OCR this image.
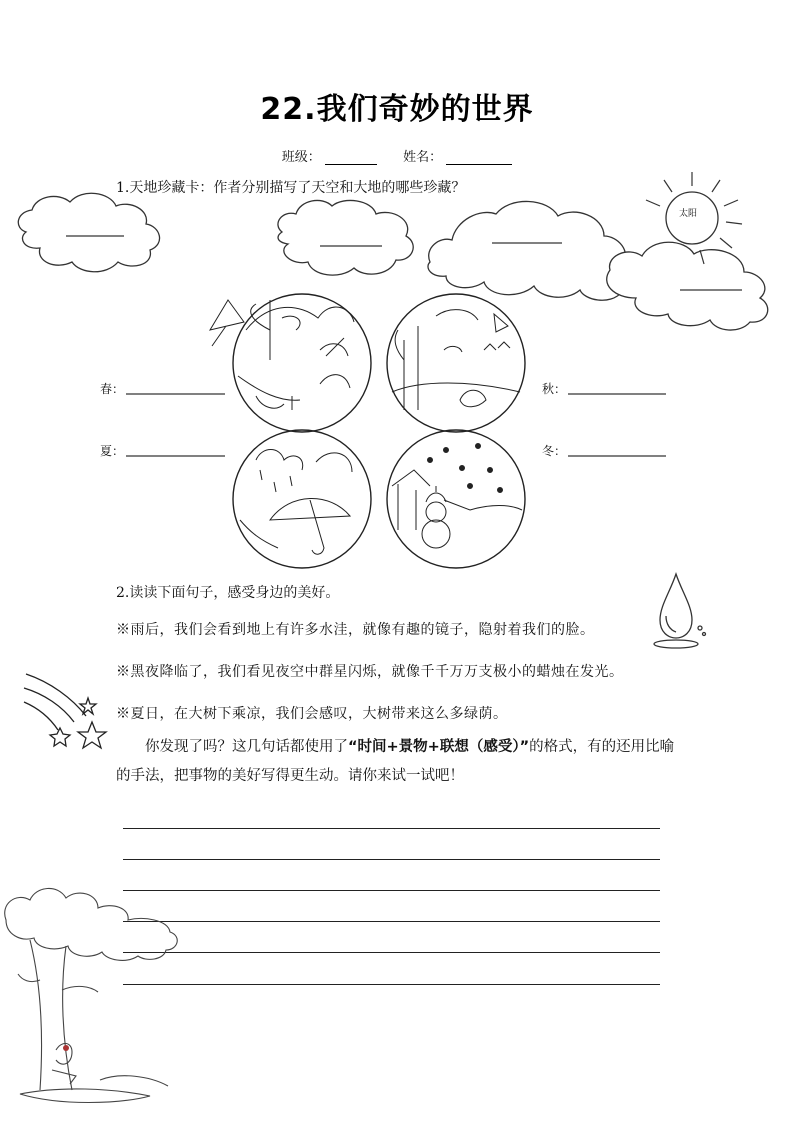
22.我们奇妙的世界
班级：	姓名：
1.天地珍藏卡：作者分别描写了天空和大地的哪些珍藏？
太阳
春：
夏：
秋：
冬：
2.读读下面句子，感受身边的美好。
※雨后，我们会看到地上有许多水洼，就像有趣的镜子，隐射着我们的脸。
※黑夜降临了，我们看见夜空中群星闪烁，就像千千万万支极小的蜡烛在发光。
※夏日，在大树下乘凉，我们会感叹，大树带来这么多绿荫。
你发现了吗？这几句话都使用了“时间+景物+联想（感受）”的格式，有的还用比喻的手法，把事物的美好写得更生动。请你来试一试吧！
